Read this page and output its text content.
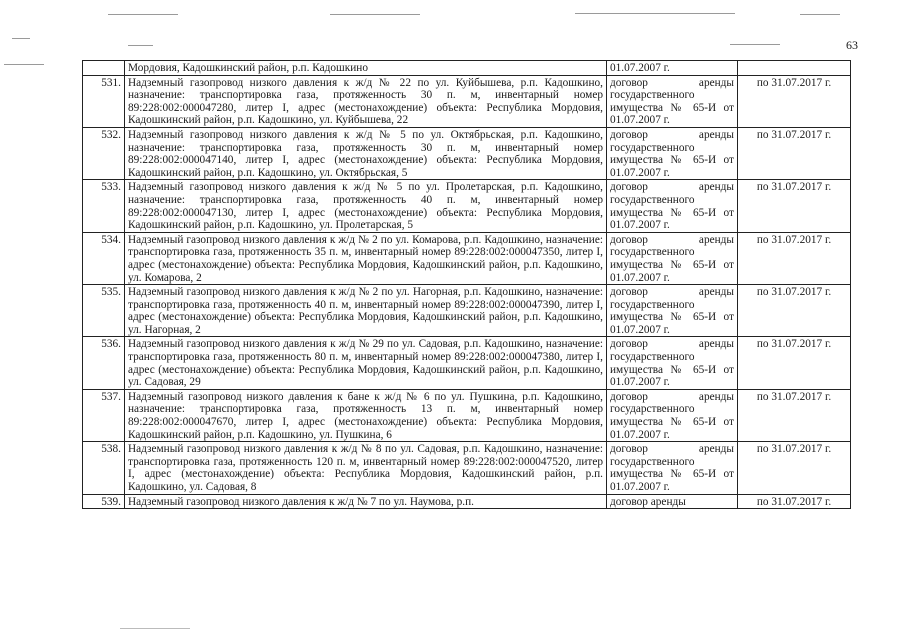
63
	Мордовия, Кадошкинский район, р.п. Кадошкино	01.07.2007 г.	
531.	Надземный газопровод низкого давления к ж/д № 22 по ул. Куйбышева, р.п. Кадошкино, назначение: транспортировка газа, протяженность 30 п. м, инвентарный номер 89:228:002:000047280, литер I, адрес (местонахождение) объекта: Республика Мордовия, Кадошкинский район, р.п. Кадошкино, ул. Куйбышева, 22	договор аренды государственного имущества № 65-И от 01.07.2007 г.	по 31.07.2017 г.
532.	Надземный газопровод низкого давления к ж/д № 5 по ул. Октябрьская, р.п. Кадошкино, назначение: транспортировка газа, протяженность 30 п. м, инвентарный номер 89:228:002:000047140, литер I, адрес (местонахождение) объекта: Республика Мордовия, Кадошкинский район, р.п. Кадошкино, ул. Октябрьская, 5	договор аренды государственного имущества № 65-И от 01.07.2007 г.	по 31.07.2017 г.
533.	Надземный газопровод низкого давления к ж/д № 5 по ул. Пролетарская, р.п. Кадошкино, назначение: транспортировка газа, протяженность 40 п. м, инвентарный номер 89:228:002:000047130, литер I, адрес (местонахождение) объекта: Республика Мордовия, Кадошкинский район, р.п. Кадошкино, ул. Пролетарская, 5	договор аренды государственного имущества № 65-И от 01.07.2007 г.	по 31.07.2017 г.
534.	Надземный газопровод низкого давления к ж/д № 2 по ул. Комарова, р.п. Кадошкино, назначение: транспортировка газа, протяженность 35 п. м, инвентарный номер 89:228:002:000047350, литер I, адрес (местонахождение) объекта: Республика Мордовия, Кадошкинский район, р.п. Кадошкино, ул. Комарова, 2	договор аренды государственного имущества № 65-И от 01.07.2007 г.	по 31.07.2017 г.
535.	Надземный газопровод низкого давления к ж/д № 2 по ул. Нагорная, р.п. Кадошкино, назначение: транспортировка газа, протяженность 40 п. м, инвентарный номер 89:228:002:000047390, литер I, адрес (местонахождение) объекта: Республика Мордовия, Кадошкинский район, р.п. Кадошкино, ул. Нагорная, 2	договор аренды государственного имущества № 65-И от 01.07.2007 г.	по 31.07.2017 г.
536.	Надземный газопровод низкого давления к ж/д № 29 по ул. Садовая, р.п. Кадошкино, назначение: транспортировка газа, протяженность 80 п. м, инвентарный номер 89:228:002:000047380, литер I, адрес (местонахождение) объекта: Республика Мордовия, Кадошкинский район, р.п. Кадошкино, ул. Садовая, 29	договор аренды государственного имущества № 65-И от 01.07.2007 г.	по 31.07.2017 г.
537.	Надземный газопровод низкого давления к бане к ж/д № 6 по ул. Пушкина, р.п. Кадошкино, назначение: транспортировка газа, протяженность 13 п. м, инвентарный номер 89:228:002:000047670, литер I, адрес (местонахождение) объекта: Республика Мордовия, Кадошкинский район, р.п. Кадошкино, ул. Пушкина, 6	договор аренды государственного имущества № 65-И от 01.07.2007 г.	по 31.07.2017 г.
538.	Надземный газопровод низкого давления к ж/д № 8 по ул. Садовая, р.п. Кадошкино, назначение: транспортировка газа, протяженность 120 п. м, инвентарный номер 89:228:002:000047520, литер I, адрес (местонахождение) объекта: Республика Мордовия, Кадошкинский район, р.п. Кадошкино, ул. Садовая, 8	договор аренды государственного имущества № 65-И от 01.07.2007 г.	по 31.07.2017 г.
539.	Надземный газопровод низкого давления к ж/д № 7 по ул. Наумова, р.п.	договор аренды	по 31.07.2017 г.
